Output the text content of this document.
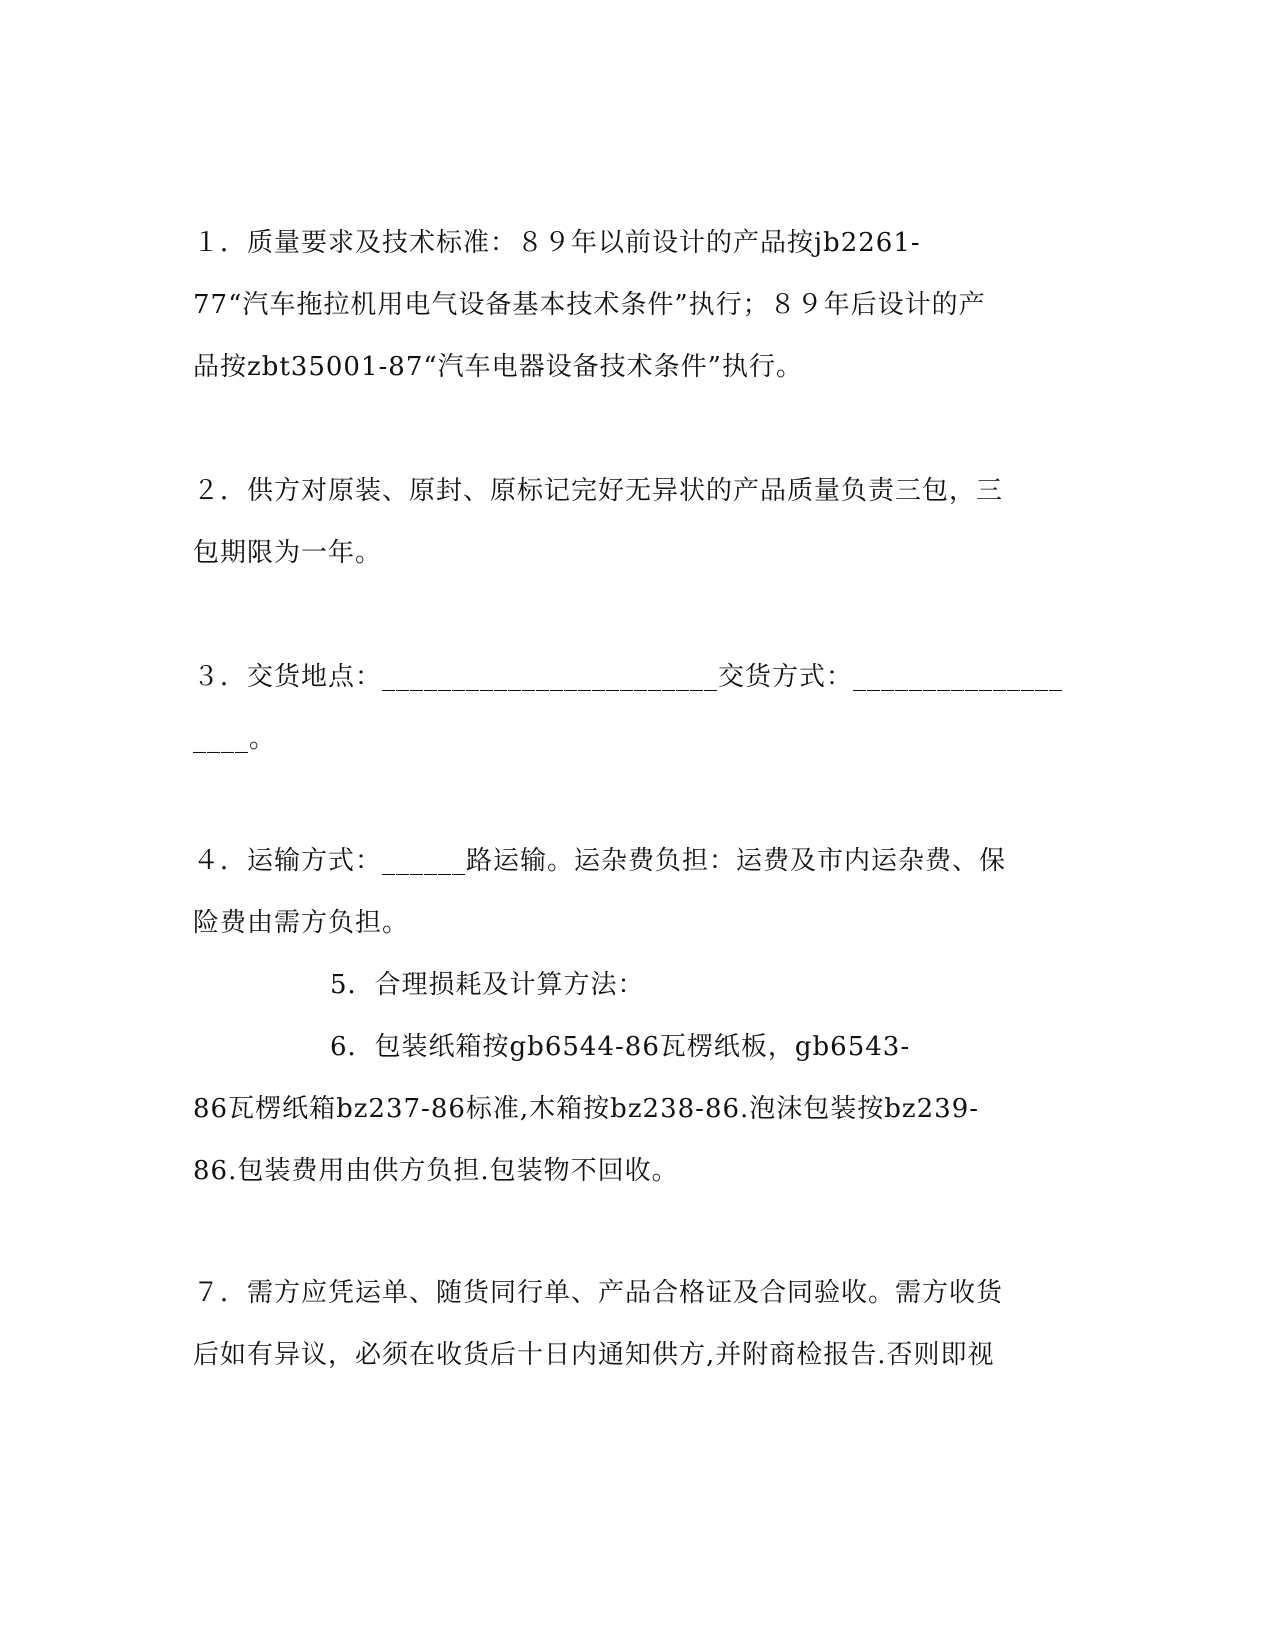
１．质量要求及技术标准：８９年以前设计的产品按jb2261-
77“汽车拖拉机用电气设备基本技术条件”执行；８９年后设计的产
品按zbt35001-87“汽车电器设备技术条件”执行。
２．供方对原装、原封、原标记完好无异状的产品质量负责三包，三
包期限为一年。
３．交货地点：________________________交货方式：_______________
____。
４．运输方式：______路运输。运杂费负担：运费及市内运杂费、保
险费由需方负担。
5．合理损耗及计算方法：
6．包装纸箱按gb6544-86瓦楞纸板，gb6543-
86瓦楞纸箱bz237-86标准,木箱按bz238-86.泡沫包装按bz239-
86.包装费用由供方负担.包装物不回收。
７．需方应凭运单、随货同行单、产品合格证及合同验收。需方收货
后如有异议，必须在收货后十日内通知供方,并附商检报告.否则即视
